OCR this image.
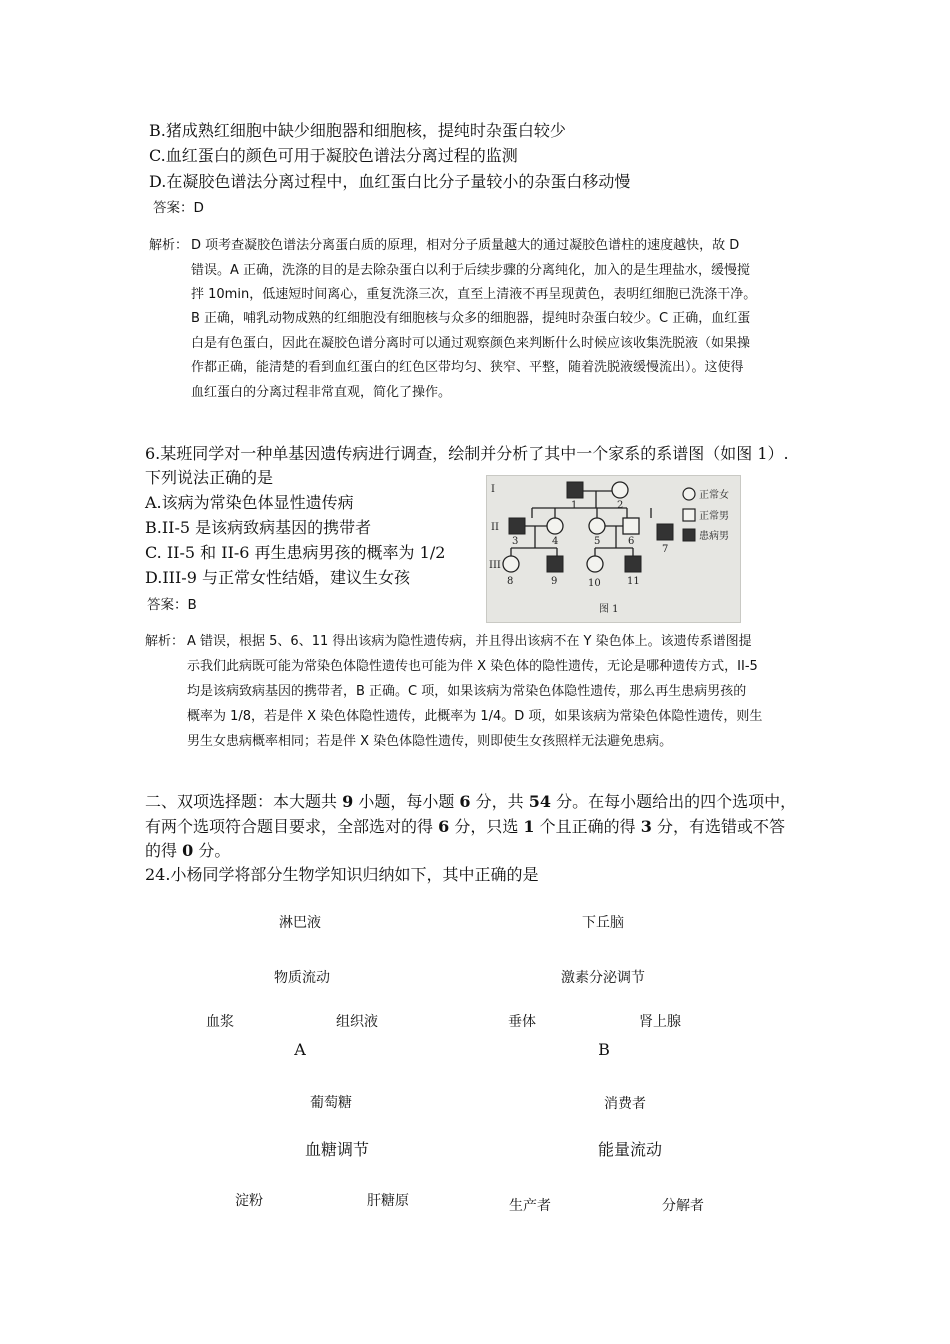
B.猪成熟红细胞中缺少细胞器和细胞核，提纯时杂蛋白较少
C.血红蛋白的颜色可用于凝胶色谱法分离过程的监测
D.在凝胶色谱法分离过程中，血红蛋白比分子量较小的杂蛋白移动慢
答案：D
解析： D 项考查凝胶色谱法分离蛋白质的原理，相对分子质量越大的通过凝胶色谱柱的速度越快，故 D
错误。A 正确，洗涤的目的是去除杂蛋白以利于后续步骤的分离纯化，加入的是生理盐水，缓慢搅
拌 10min，低速短时间离心，重复洗涤三次，直至上清液不再呈现黄色，表明红细胞已洗涤干净。
B 正确，哺乳动物成熟的红细胞没有细胞核与众多的细胞器，提纯时杂蛋白较少。C 正确，血红蛋
白是有色蛋白，因此在凝胶色谱分离时可以通过观察颜色来判断什么时候应该收集洗脱液（如果操
作都正确，能清楚的看到血红蛋白的红色区带均匀、狭窄、平整，随着洗脱液缓慢流出）。这使得
血红蛋白的分离过程非常直观，简化了操作。
6.某班同学对一种单基因遗传病进行调查，绘制并分析了其中一个家系的系谱图（如图 1）.
下列说法正确的是
A.该病为常染色体显性遗传病
B.II-5 是该病致病基因的携带者
C. II-5 和 II-6 再生患病男孩的概率为 1/2
D.III-9 与正常女性结婚，建议生女孩
答案：B
I
II
III
1	2
3	4	5	6
7
8	9	10	11
正常女
正常男
患病男
图 1
解析： A 错误，根据 5、6、11 得出该病为隐性遗传病，并且得出该病不在 Y 染色体上。该遗传系谱图提
示我们此病既可能为常染色体隐性遗传也可能为伴 X 染色体的隐性遗传，无论是哪种遗传方式，II-5
均是该病致病基因的携带者，B 正确。C 项，如果该病为常染色体隐性遗传，那么再生患病男孩的
概率为 1/8，若是伴 X 染色体隐性遗传，此概率为 1/4。D 项，如果该病为常染色体隐性遗传，则生
男生女患病概率相同；若是伴 X 染色体隐性遗传，则即使生女孩照样无法避免患病。
二、双项选择题：本大题共 9 小题，每小题 6 分，共 54 分。在每小题给出的四个选项中，
有两个选项符合题目要求，全部选对的得 6 分，只选 1 个且正确的得 3 分，有选错或不答
的得 0 分。
24.小杨同学将部分生物学知识归纳如下，其中正确的是
淋巴液
物质流动
血浆	组织液
A
下丘脑
激素分泌调节
垂体	肾上腺
B
葡萄糖
血糖调节
淀粉	肝糖原
消费者
能量流动
生产者	分解者
